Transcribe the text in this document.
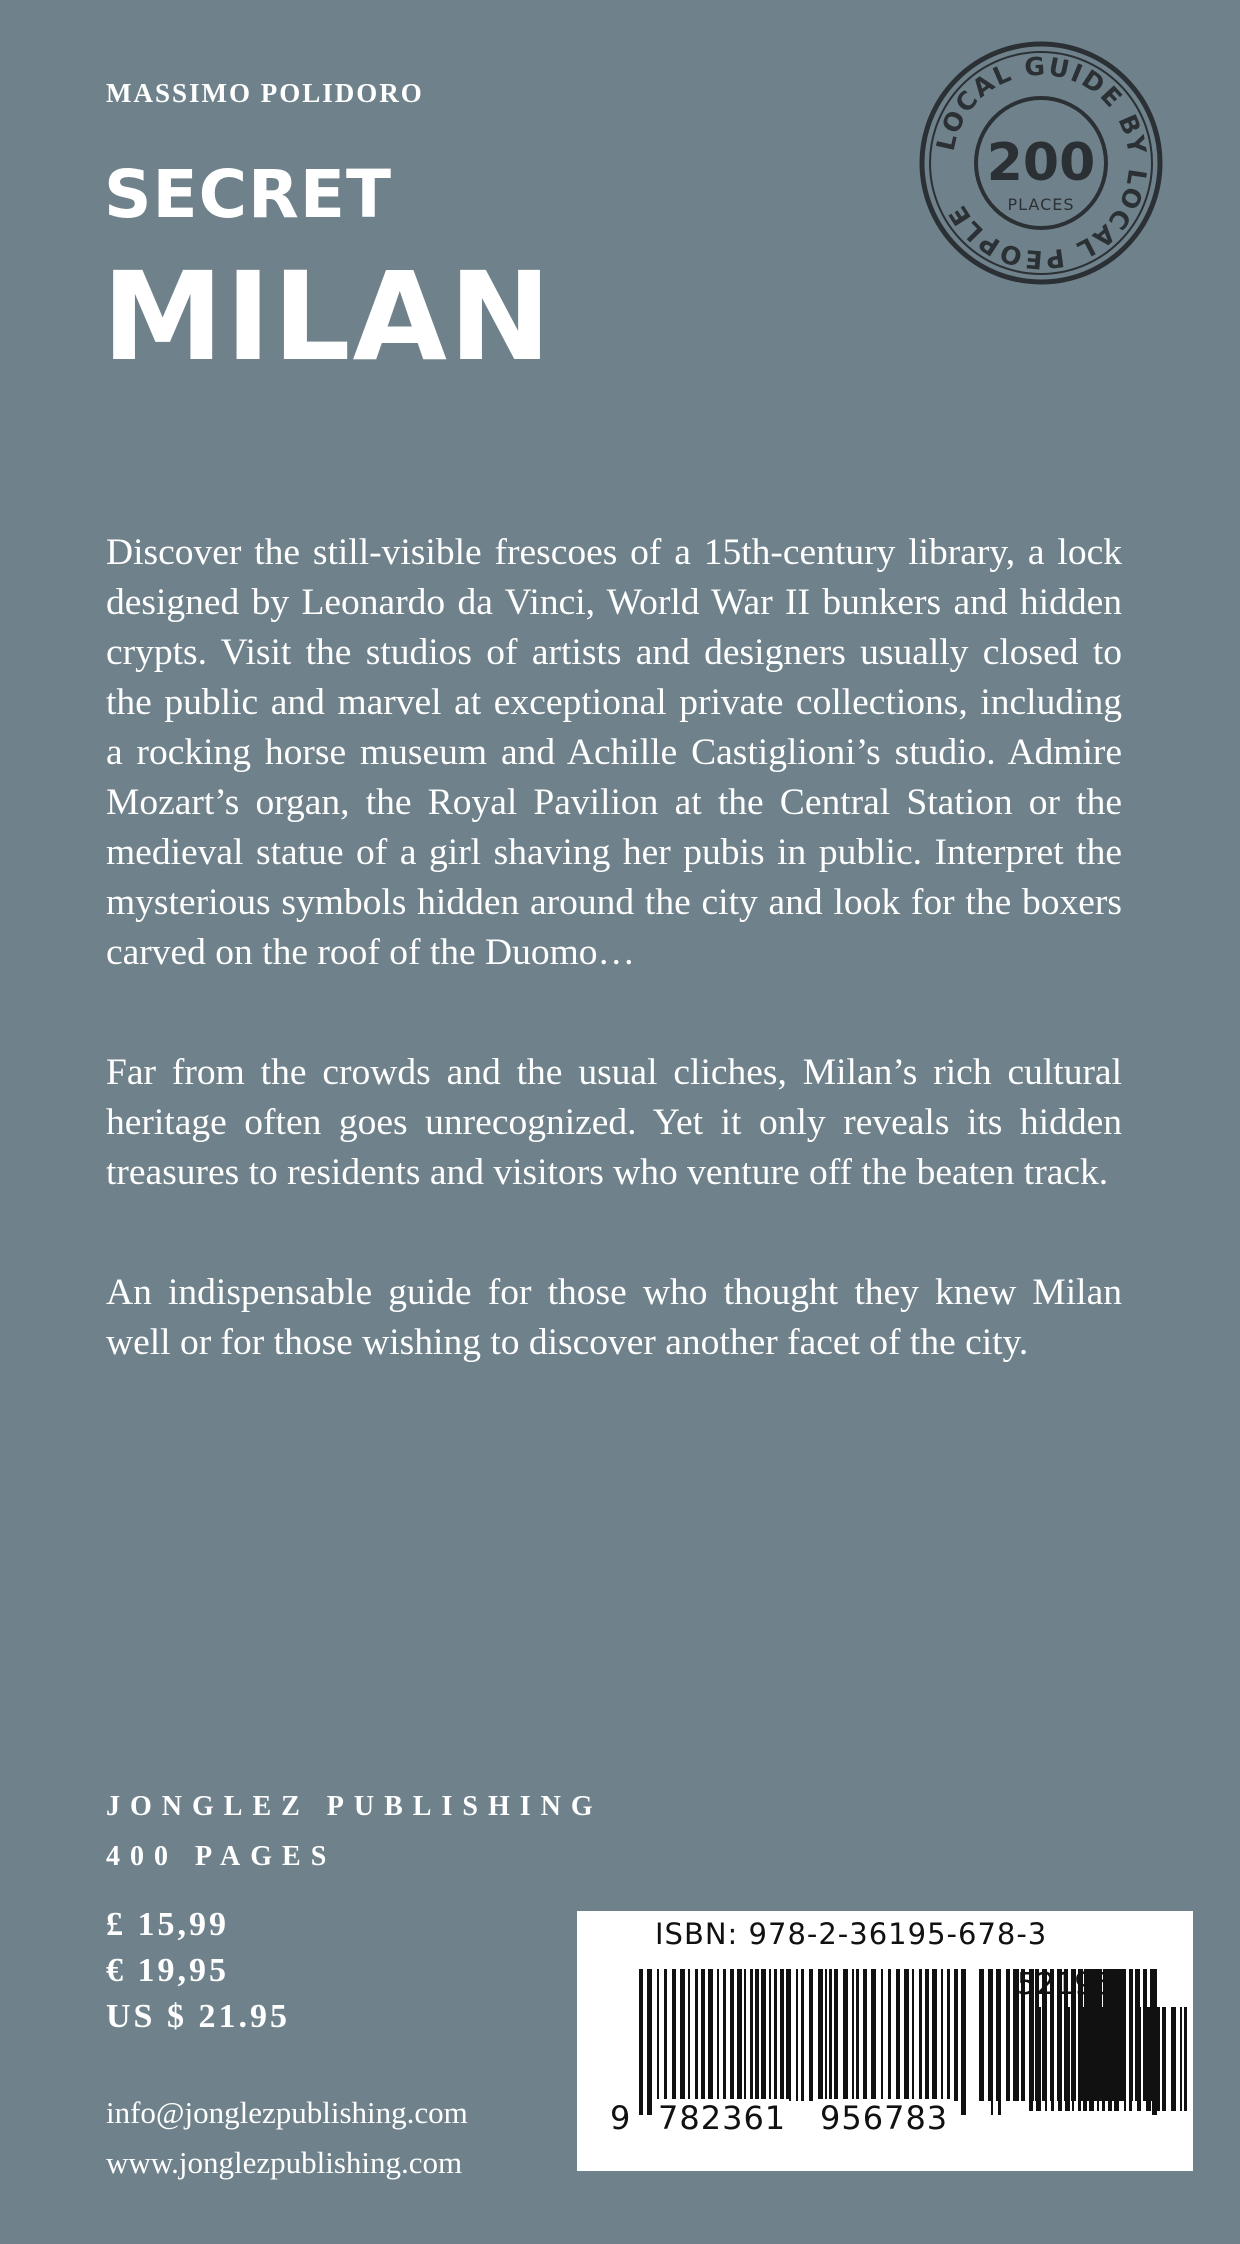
MASSIMO POLIDORO
SECRET
MILAN
LOCAL GUIDE BY LOCAL PEOPLE
200
PLACES

Discover the still-visible frescoes of a 15th-century library, a lock designed by Leonardo da Vinci, World War II bunkers and hidden crypts. Visit the studios of artists and designers usually closed to the public and marvel at exceptional private collections, including a rocking horse museum and Achille Castiglioni’s studio. Admire Mozart’s organ, the Royal Pavilion at the Central Station or the medieval statue of a girl shaving her pubis in public. Interpret the mysterious symbols hidden around the city and look for the boxers carved on the roof of the Duomo…

Far from the crowds and the usual cliches, Milan’s rich cultural heritage often goes unrecognized. Yet it only reveals its hidden treasures to residents and visitors who venture off the beaten track.

An indispensable guide for those who thought they knew Milan well or for those wishing to discover another facet of the city.

JONGLEZ PUBLISHING
400 PAGES
£ 15,99
€ 19,95
US $ 21.95
info@jonglezpublishing.com
www.jonglezpublishing.com
ISBN: 978-2-36195-678-3
52195
9 782361 956783
